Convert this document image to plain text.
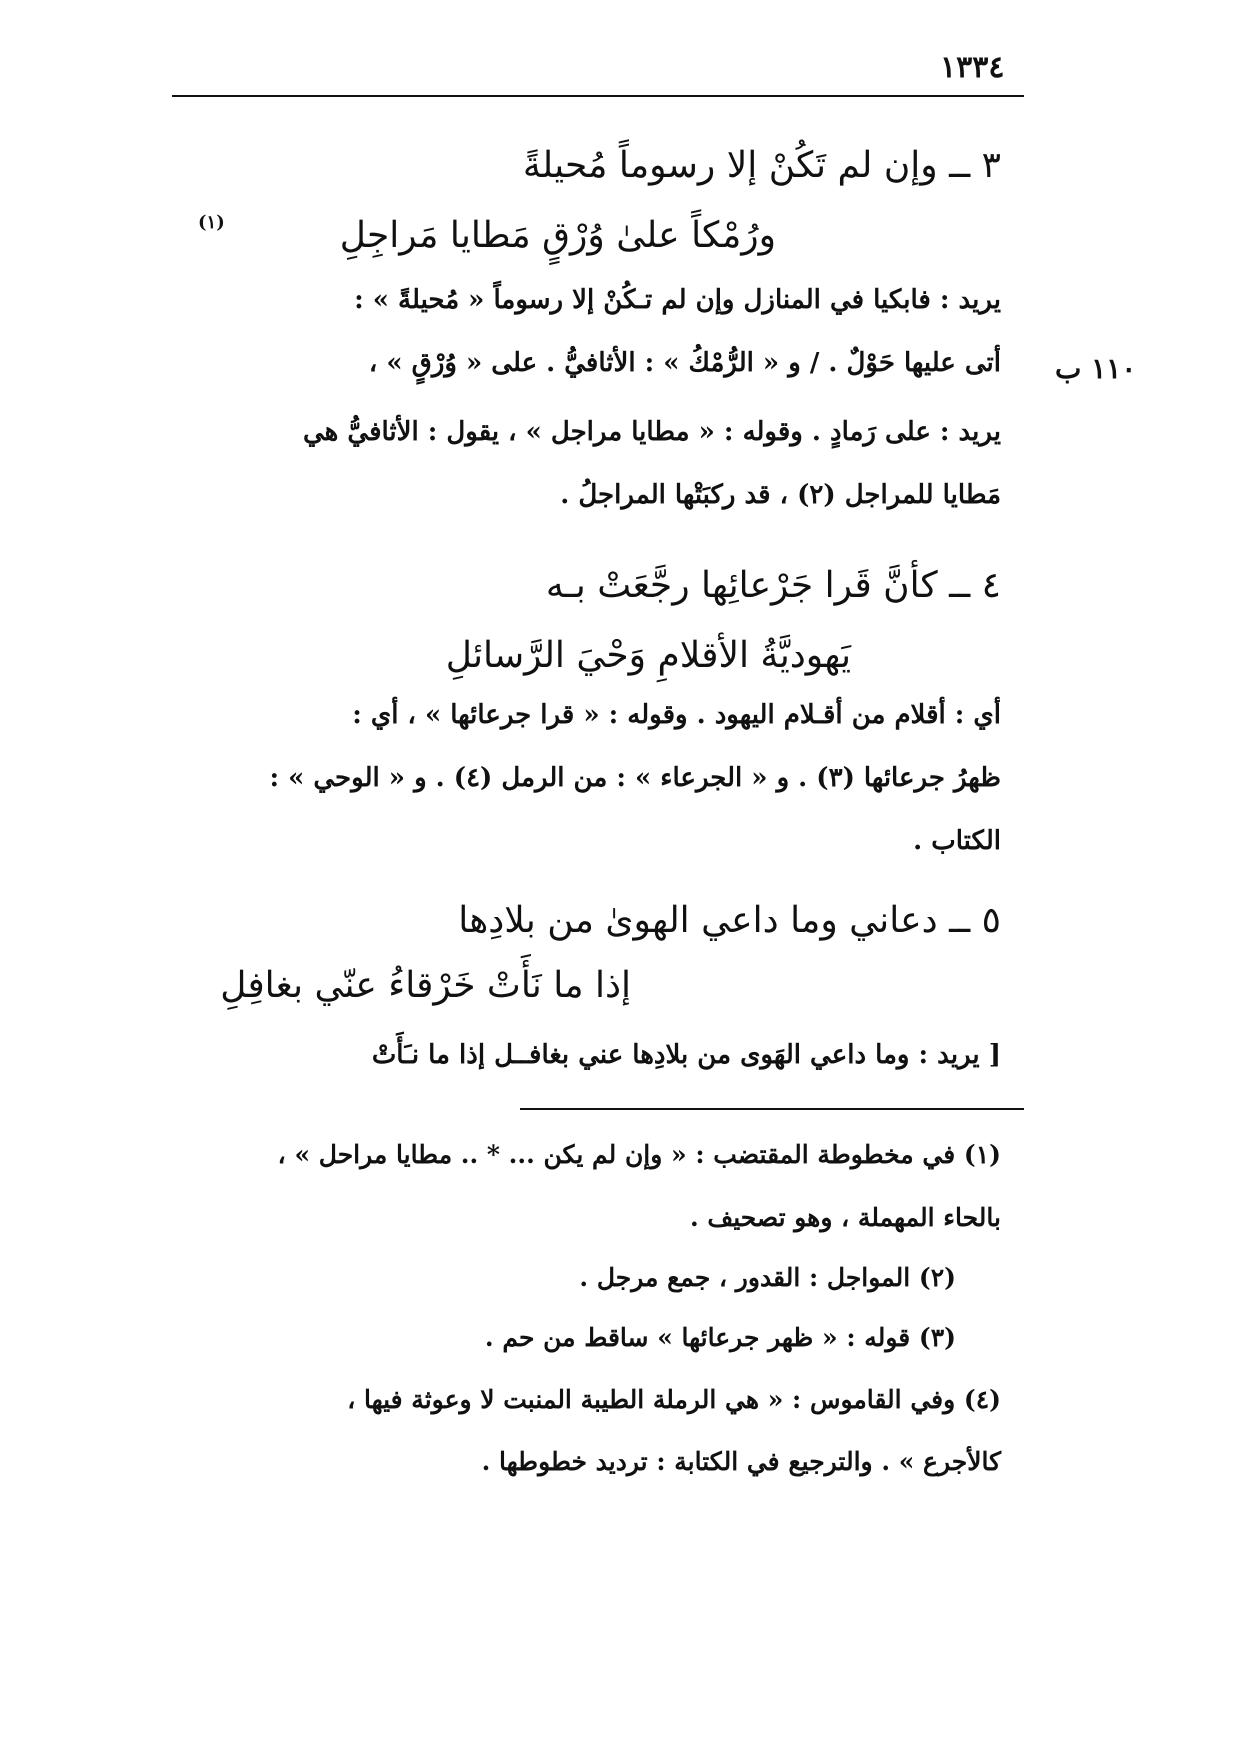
١٣٣٤
٣ ــ وإن لم تَكُنْ إلا رسوماً مُحيلةً
ورُمْكاً علىٰ وُرْقٍ مَطايا مَراجِلِ
(١)
يريد : فابكيا في المنازل وإن لم تـكُنْ إلا رسوماً « مُحيلةً » :
أتى عليها حَوْلٌ . / و « الرُّمْكُ » : الأثافيُّ . على « وُرْقٍ » ، ١١٠ ب
يريد : على رَمادٍ . وقوله : « مطايا مراجل » ، يقول : الأثافيُّ هي
مَطايا للمراجل (٢) ، قد ركبَتْها المراجلُ .
٤ ــ كأنَّ قَرا جَرْعائِها رجَّعَتْ بـه
يَهوديَّةُ الأقلامِ وَحْيَ الرَّسائلِ
أي : أقلام من أقـلام اليهود . وقوله : « قرا جرعائها » ، أي :
ظهرُ جرعائها (٣) . و « الجرعاء » : من الرمل (٤) . و « الوحي » :
الكتاب .
٥ ــ دعاني وما داعي الهوىٰ من بلادِها
إذا ما نَأَتْ خَرْقاءُ عنّي بغافِلِ
[ يريد : وما داعي الهَوى من بلادِها عني بغافــل إذا ما نـَأَتْ
(١) في مخطوطة المقتضب : « وإن لم يكن ... * .. مطايا مراحل » ،
بالحاء المهملة ، وهو تصحيف .
(٢) المواجل : القدور ، جمع مرجل .
(٣) قوله : « ظهر جرعائها » ساقط من حم .
(٤) وفي القاموس : « هي الرملة الطيبة المنبت لا وعوثة فيها ،
كالأجرع » . والترجيع في الكتابة : ترديد خطوطها .
